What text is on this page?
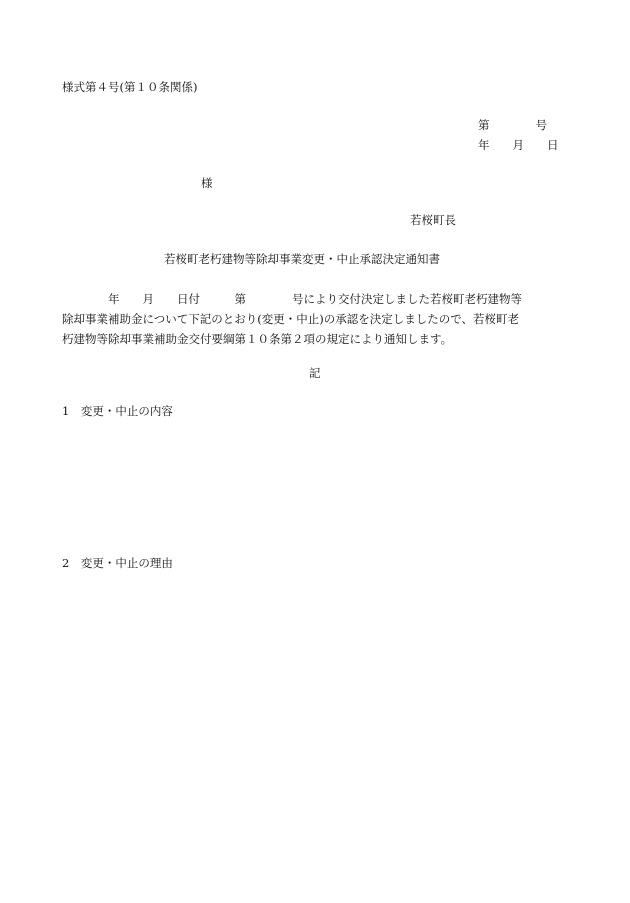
様式第４号(第１０条関係)
第　　　　号
年　　月　　日
様
若桜町長
若桜町老朽建物等除却事業変更・中止承認決定通知書
　　　　年　　月　　日付　　　第　　　　号により交付決定しました若桜町老朽建物等
除却事業補助金について下記のとおり(変更・中止)の承認を決定しましたので、若桜町老
朽建物等除却事業補助金交付要綱第１０条第２項の規定により通知します。
記
1　変更・中止の内容
2　変更・中止の理由
